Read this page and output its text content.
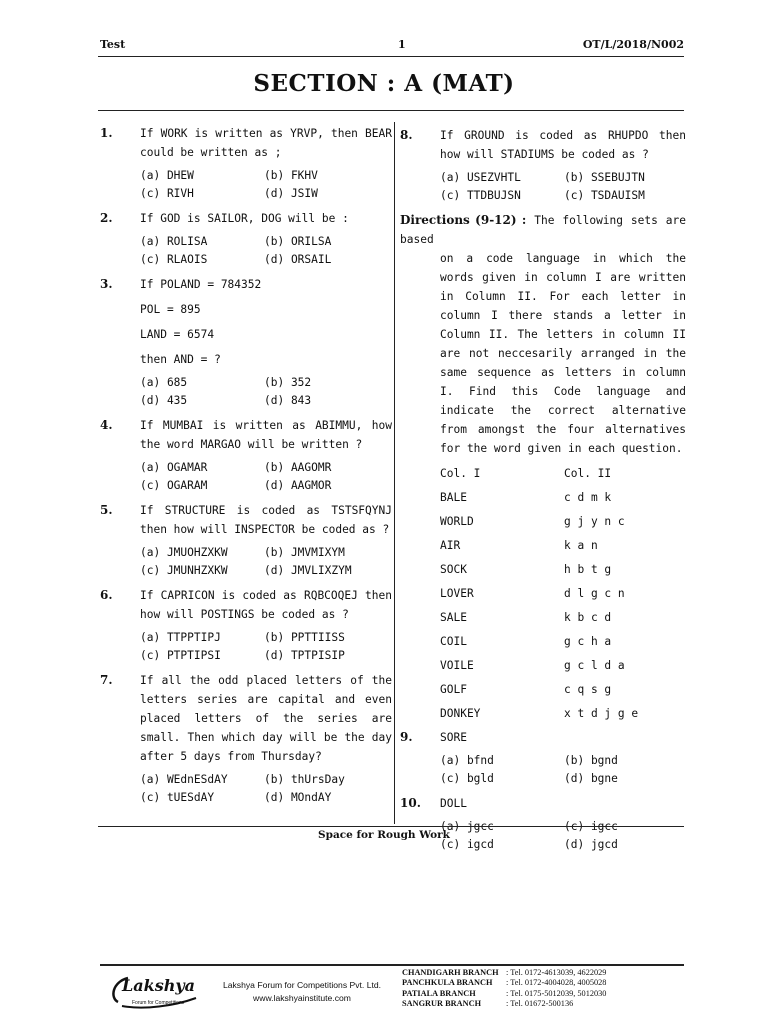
Test	1	OT/L/2018/N002
SECTION : A (MAT)
1. If WORK is written as YRVP, then BEAR could be written as ;
(a) DHEW	(b) FKHV
(c) RIVH	(d) JSIW
2. If GOD is SAILOR, DOG will be :
(a) ROLISA	(b) ORILSA
(c) RLAOIS	(d) ORSAIL
3. If POLAND = 784352
POL = 895
LAND = 6574
then AND = ?
(a) 685	(b) 352
(d) 435	(d) 843
4. If MUMBAI is written as ABIMMU, how the word MARGAO will be written ?
(a) OGAMAR	(b) AAGOMR
(c) OGARAM	(d) AAGMOR
5. If STRUCTURE is coded as TSTSFQYNJ then how will INSPECTOR be coded as ?
(a) JMUOHZXKW	(b) JMVMIXYM
(c) JMUNHZXKW	(d) JMVLIXZYM
6. If CAPRICON is coded as RQBCOQEJ then how will POSTINGS be coded as ?
(a) TTPPTIPJ	(b) PPTTIISS
(c) PTPTIPSI	(d) TPTPISIP
7. If all the odd placed letters of the letters series are capital and even placed letters of the series are small. Then which day will be the day after 5 days from Thursday?
(a) WEdnESdAY	(b) thUrsDay
(c) tUESdAY	(d) MOndAY
8. If GROUND is coded as RHUPDO then how will STADIUMS be coded as ?
(a) USEZVHTL	(b) SSEBUJTN
(c) TTDBUJSN	(c) TSDAUISM
Directions (9-12) : The following sets are based
on a code language in which the words given in column I are written in Column II. For each letter in column I there stands a letter in Column II. The letters in column II are not neccesarily arranged in the same sequence as letters in column I. Find this Code language and indicate the correct alternative from amongst the four alternatives for the word given in each question.
Col. I	Col. II
BALE	c d m k
WORLD	g j y n c
AIR	k a n
SOCK	h b t g
LOVER	d l g c n
SALE	k b c d
COIL	g c h a
VOILE	g c l d a
GOLF	c q s g
DONKEY	x t d j g e
9. SORE
(a) bfnd	(b) bgnd
(c) bgld	(d) bgne
10. DOLL
(a) jgcc	(c) igcc
(c) igcd	(d) jgcd
Space for Rough Work
Lakshya
Forum for Competitions
Lakshya Forum for Competitions Pvt. Ltd.
www.lakshyainstitute.com
CHANDIGARH BRANCH : Tel. 0172-4613039, 4622029
PANCHKULA BRANCH	: Tel. 0172-4004028, 4005028
PATIALA BRANCH	: Tel. 0175-5012039, 5012030
SANGRUR BRANCH	: Tel. 01672-500136
